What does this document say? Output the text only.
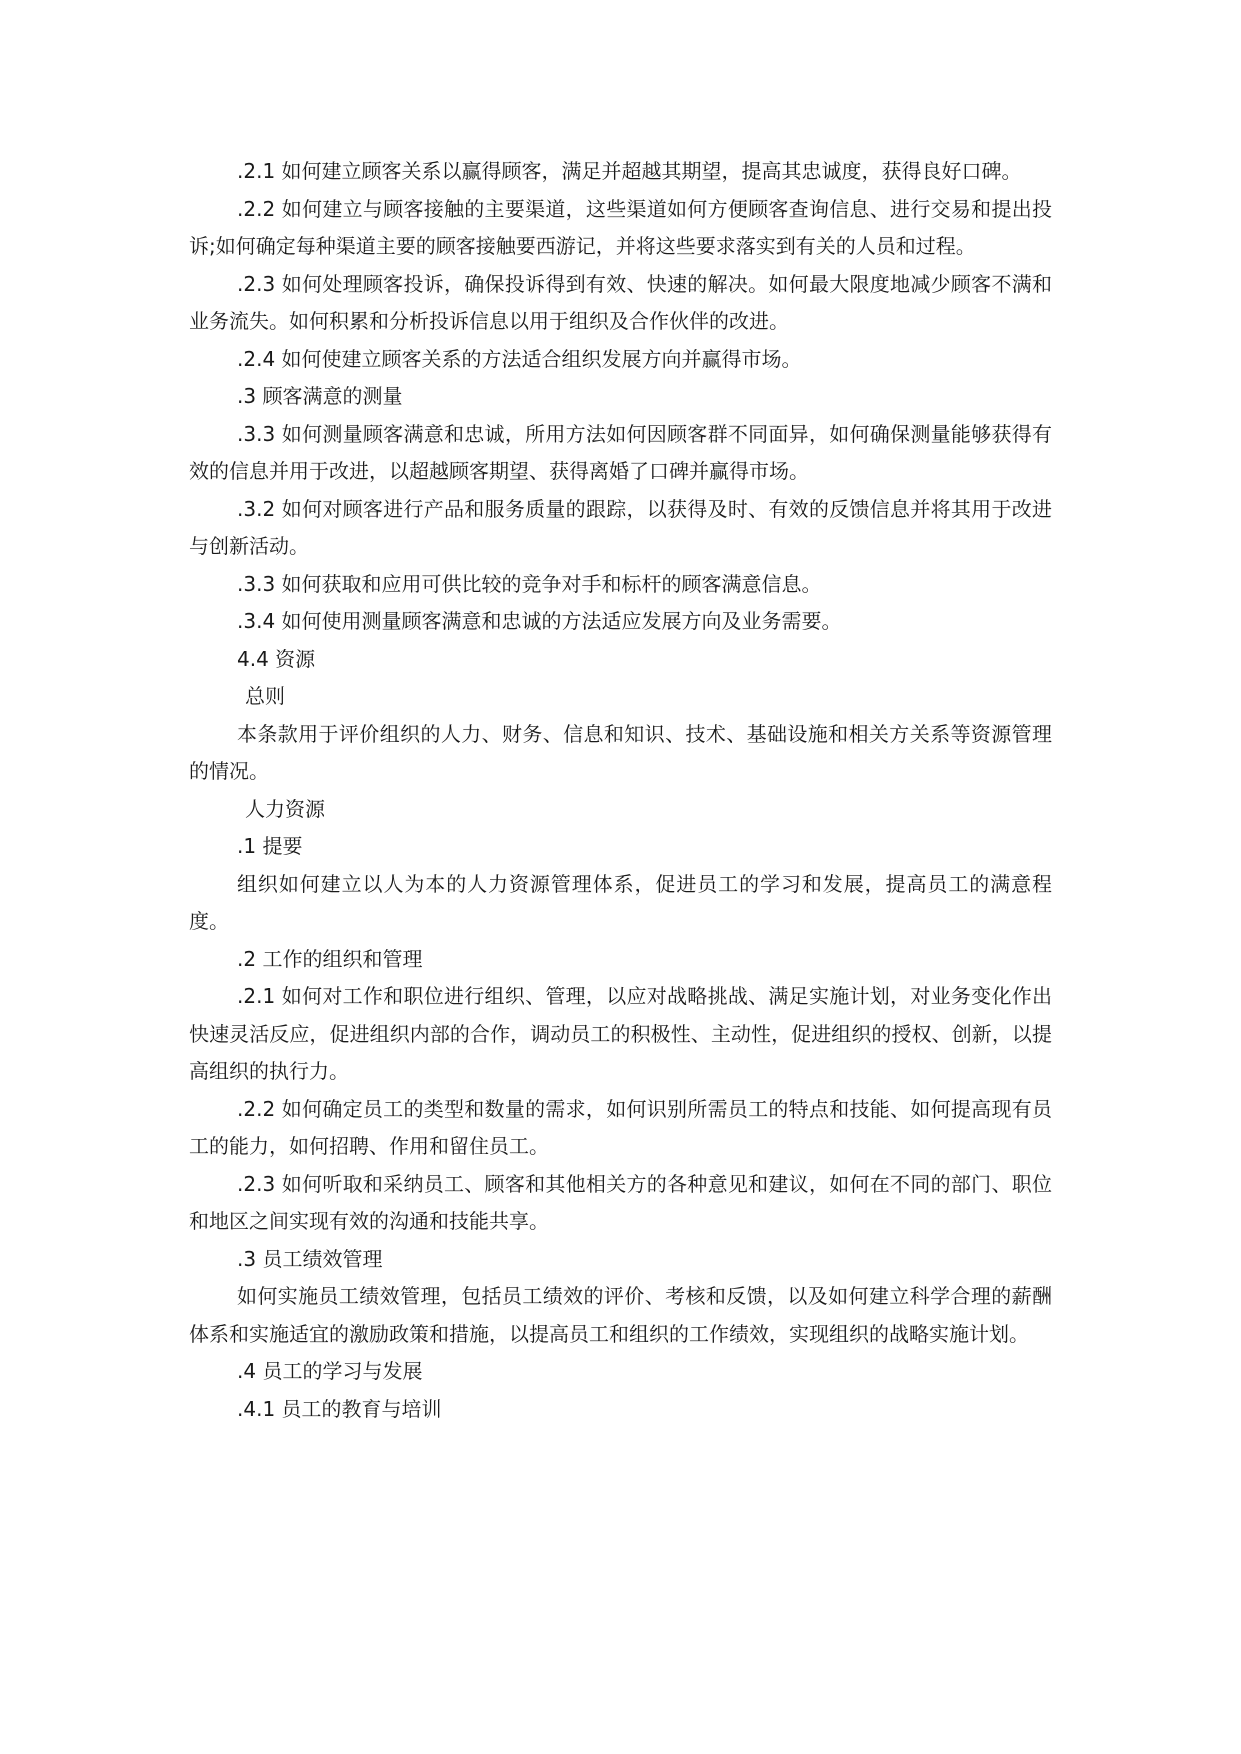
.2.1 如何建立顾客关系以赢得顾客，满足并超越其期望，提高其忠诚度，获得良好口碑。

.2.2 如何建立与顾客接触的主要渠道，这些渠道如何方便顾客查询信息、进行交易和提出投诉;如何确定每种渠道主要的顾客接触要西游记，并将这些要求落实到有关的人员和过程。

.2.3 如何处理顾客投诉，确保投诉得到有效、快速的解决。如何最大限度地减少顾客不满和业务流失。如何积累和分析投诉信息以用于组织及合作伙伴的改进。

.2.4 如何使建立顾客关系的方法适合组织发展方向并赢得市场。

.3 顾客满意的测量

.3.3 如何测量顾客满意和忠诚，所用方法如何因顾客群不同面异，如何确保测量能够获得有效的信息并用于改进，以超越顾客期望、获得离婚了口碑并赢得市场。

.3.2 如何对顾客进行产品和服务质量的跟踪，以获得及时、有效的反馈信息并将其用于改进与创新活动。

.3.3 如何获取和应用可供比较的竞争对手和标杆的顾客满意信息。

.3.4 如何使用测量顾客满意和忠诚的方法适应发展方向及业务需要。

4.4 资源

总则

本条款用于评价组织的人力、财务、信息和知识、技术、基础设施和相关方关系等资源管理的情况。

人力资源

.1 提要

组织如何建立以人为本的人力资源管理体系，促进员工的学习和发展，提高员工的满意程度。

.2 工作的组织和管理

.2.1 如何对工作和职位进行组织、管理，以应对战略挑战、满足实施计划，对业务变化作出快速灵活反应，促进组织内部的合作，调动员工的积极性、主动性，促进组织的授权、创新，以提高组织的执行力。

.2.2 如何确定员工的类型和数量的需求，如何识别所需员工的特点和技能、如何提高现有员工的能力，如何招聘、作用和留住员工。

.2.3 如何听取和采纳员工、顾客和其他相关方的各种意见和建议，如何在不同的部门、职位和地区之间实现有效的沟通和技能共享。

.3 员工绩效管理

如何实施员工绩效管理，包括员工绩效的评价、考核和反馈，以及如何建立科学合理的薪酬体系和实施适宜的激励政策和措施，以提高员工和组织的工作绩效，实现组织的战略实施计划。

.4 员工的学习与发展

.4.1 员工的教育与培训
